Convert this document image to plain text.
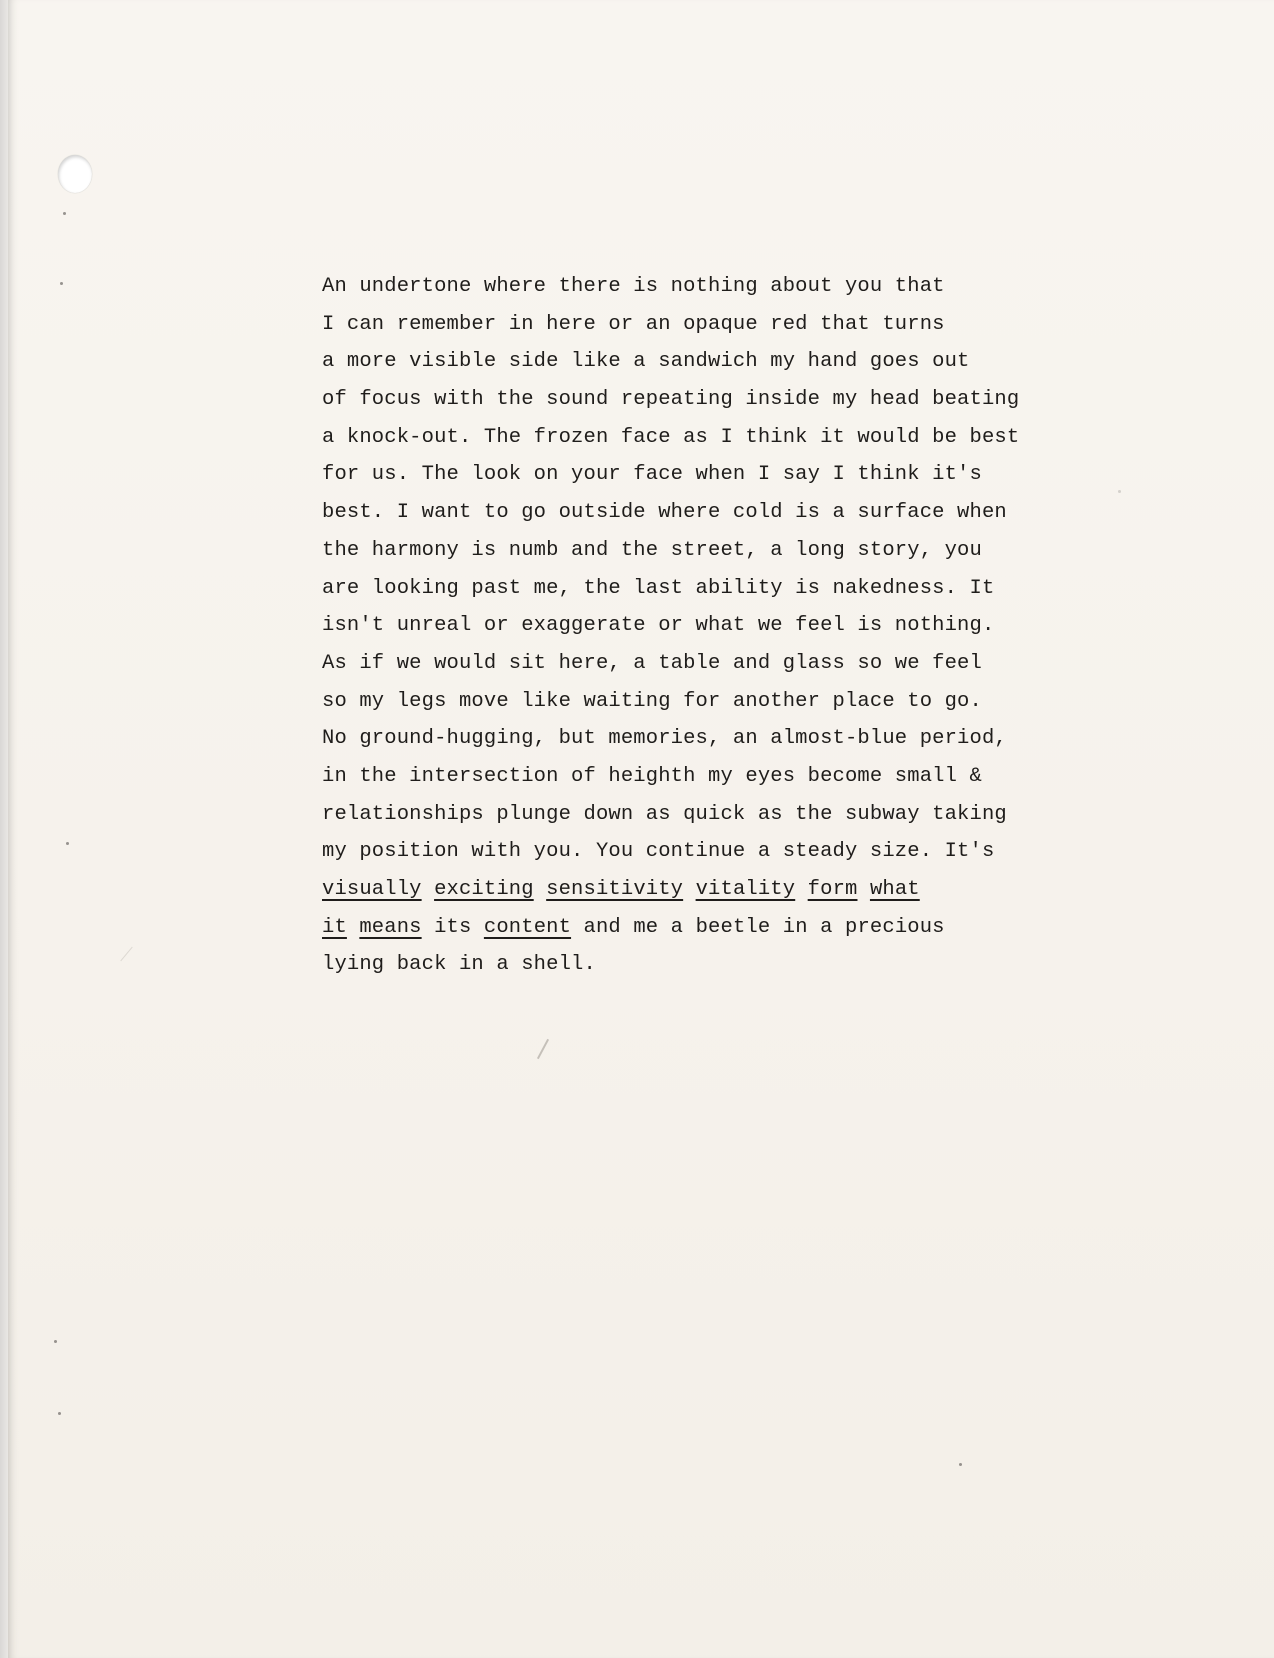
An undertone where there is nothing about you that
I can remember in here or an opaque red that turns
a more visible side like a sandwich my hand goes out
of focus with the sound repeating inside my head beating
a knock-out. The frozen face as I think it would be best
for us. The look on your face when I say I think it's
best. I want to go outside where cold is a surface when
the harmony is numb and the street, a long story, you
are looking past me, the last ability is nakedness. It
isn't unreal or exaggerate or what we feel is nothing.
As if we would sit here, a table and glass so we feel
so my legs move like waiting for another place to go.
No ground-hugging, but memories, an almost-blue period,
in the intersection of heighth my eyes become small &
relationships plunge down as quick as the subway taking
my position with you. You continue a steady size. It's
visually exciting sensitivity vitality form what
it means its content and me a beetle in a precious
lying back in a shell.
